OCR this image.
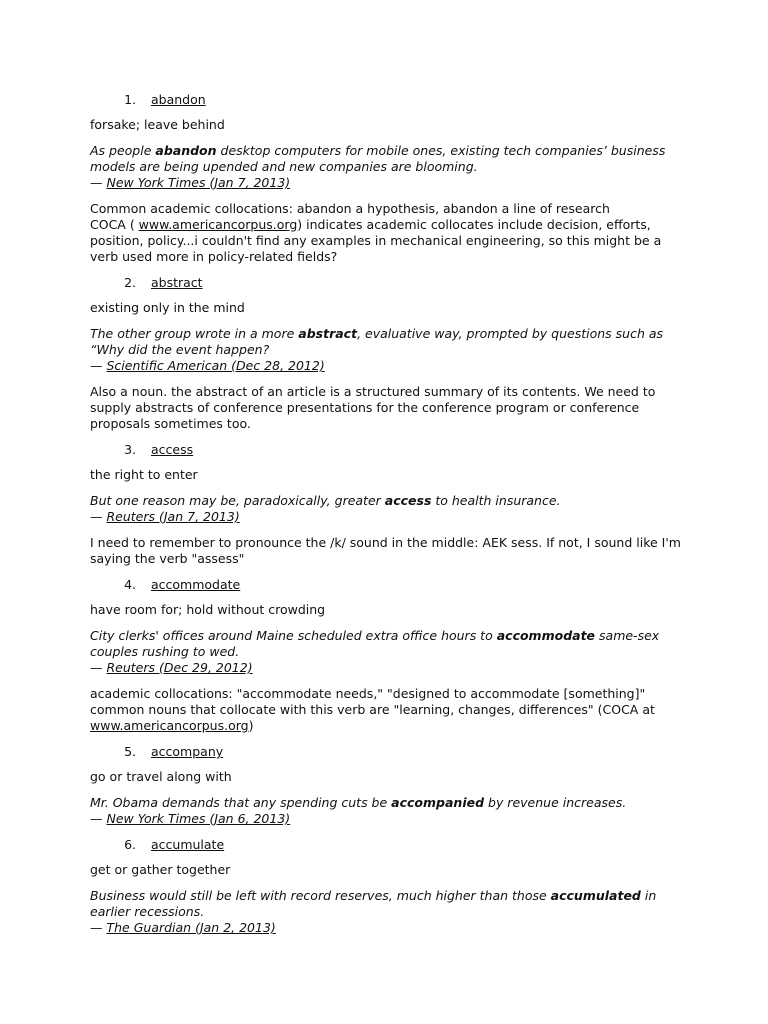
1. abandon

forsake; leave behind

As people abandon desktop computers for mobile ones, existing tech companies’ business models are being upended and new companies are blooming.
— New York Times (Jan 7, 2013)

Common academic collocations: abandon a hypothesis, abandon a line of research
COCA ( www.americancorpus.org) indicates academic collocates include decision, efforts, position, policy...i couldn't find any examples in mechanical engineering, so this might be a verb used more in policy-related fields?

2. abstract

existing only in the mind

The other group wrote in a more abstract, evaluative way, prompted by questions such as “Why did the event happen?
— Scientific American (Dec 28, 2012)

Also a noun. the abstract of an article is a structured summary of its contents. We need to supply abstracts of conference presentations for the conference program or conference proposals sometimes too.

3. access

the right to enter

But one reason may be, paradoxically, greater access to health insurance.
— Reuters (Jan 7, 2013)

I need to remember to pronounce the /k/ sound in the middle: AEK sess. If not, I sound like I'm saying the verb "assess"

4. accommodate

have room for; hold without crowding

City clerks' offices around Maine scheduled extra office hours to accommodate same-sex couples rushing to wed.
— Reuters (Dec 29, 2012)

academic collocations: "accommodate needs," "designed to accommodate [something]" common nouns that collocate with this verb are "learning, changes, differences" (COCA at www.americancorpus.org)

5. accompany

go or travel along with

Mr. Obama demands that any spending cuts be accompanied by revenue increases.
— New York Times (Jan 6, 2013)

6. accumulate

get or gather together

Business would still be left with record reserves, much higher than those accumulated in earlier recessions.
— The Guardian (Jan 2, 2013)
